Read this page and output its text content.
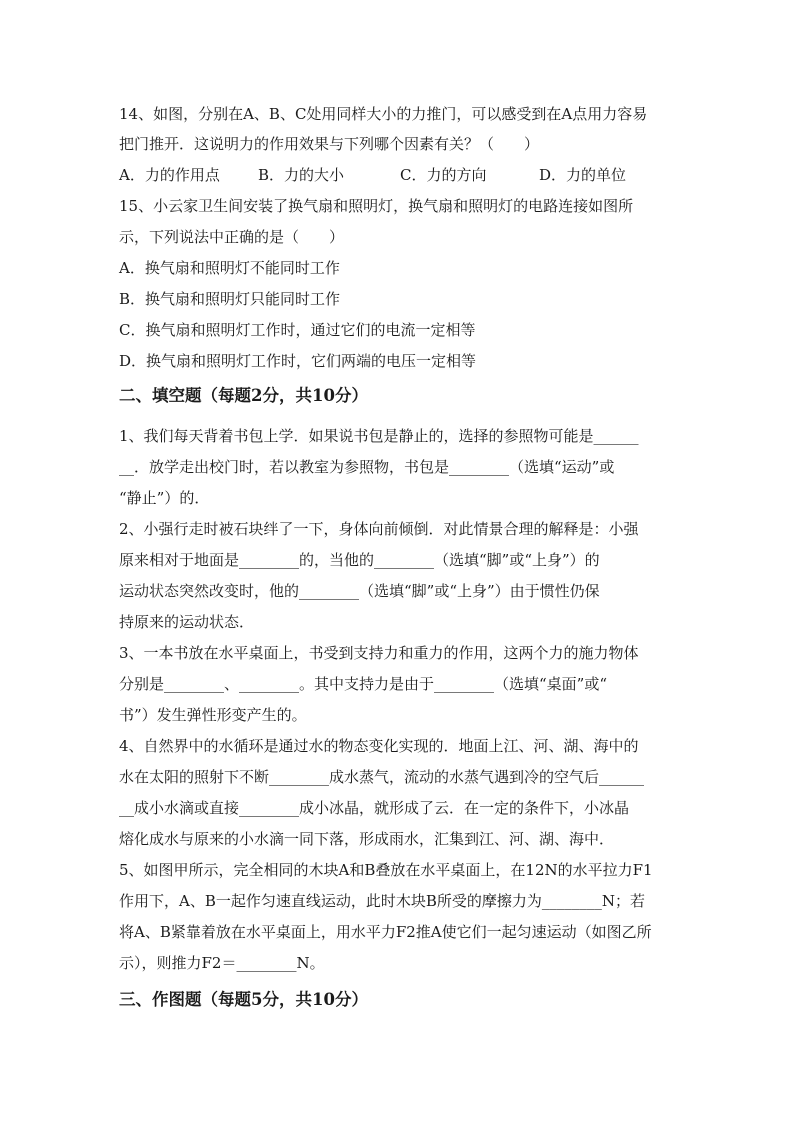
14、如图，分别在A、B、C处用同样大小的力推门，可以感受到在A点用力容易
把门推开．这说明力的作用效果与下列哪个因素有关？（　　）
A．力的作用点	B．力的大小	C．力的方向	D．力的单位
15、小云家卫生间安装了换气扇和照明灯，换气扇和照明灯的电路连接如图所
示，下列说法中正确的是（　　）
A．换气扇和照明灯不能同时工作
B．换气扇和照明灯只能同时工作
C．换气扇和照明灯工作时，通过它们的电流一定相等
D．换气扇和照明灯工作时，它们两端的电压一定相等
二、填空题（每题2分，共10分）
1、我们每天背着书包上学．如果说书包是静止的，选择的参照物可能是______
__．放学走出校门时，若以教室为参照物，书包是________（选填“运动”或
“静止”）的．
2、小强行走时被石块绊了一下，身体向前倾倒．对此情景合理的解释是：小强
原来相对于地面是________的，当他的________（选填“脚”或“上身”）的
运动状态突然改变时，他的________（选填“脚”或“上身”）由于惯性仍保
持原来的运动状态．
3、一本书放在水平桌面上，书受到支持力和重力的作用，这两个力的施力物体
分别是________、________。其中支持力是由于________（选填“桌面”或“
书”）发生弹性形变产生的。
4、自然界中的水循环是通过水的物态变化实现的．地面上江、河、湖、海中的
水在太阳的照射下不断________成水蒸气，流动的水蒸气遇到冷的空气后______
__成小水滴或直接________成小冰晶，就形成了云．在一定的条件下，小冰晶
熔化成水与原来的小水滴一同下落，形成雨水，汇集到江、河、湖、海中．
5、如图甲所示，完全相同的木块A和B叠放在水平桌面上，在12N的水平拉力F1
作用下，A、B一起作匀速直线运动，此时木块B所受的摩擦力为________N；若
将A、B紧靠着放在水平桌面上，用水平力F2推A使它们一起匀速运动（如图乙所
示），则推力F2＝________N。
三、作图题（每题5分，共10分）
